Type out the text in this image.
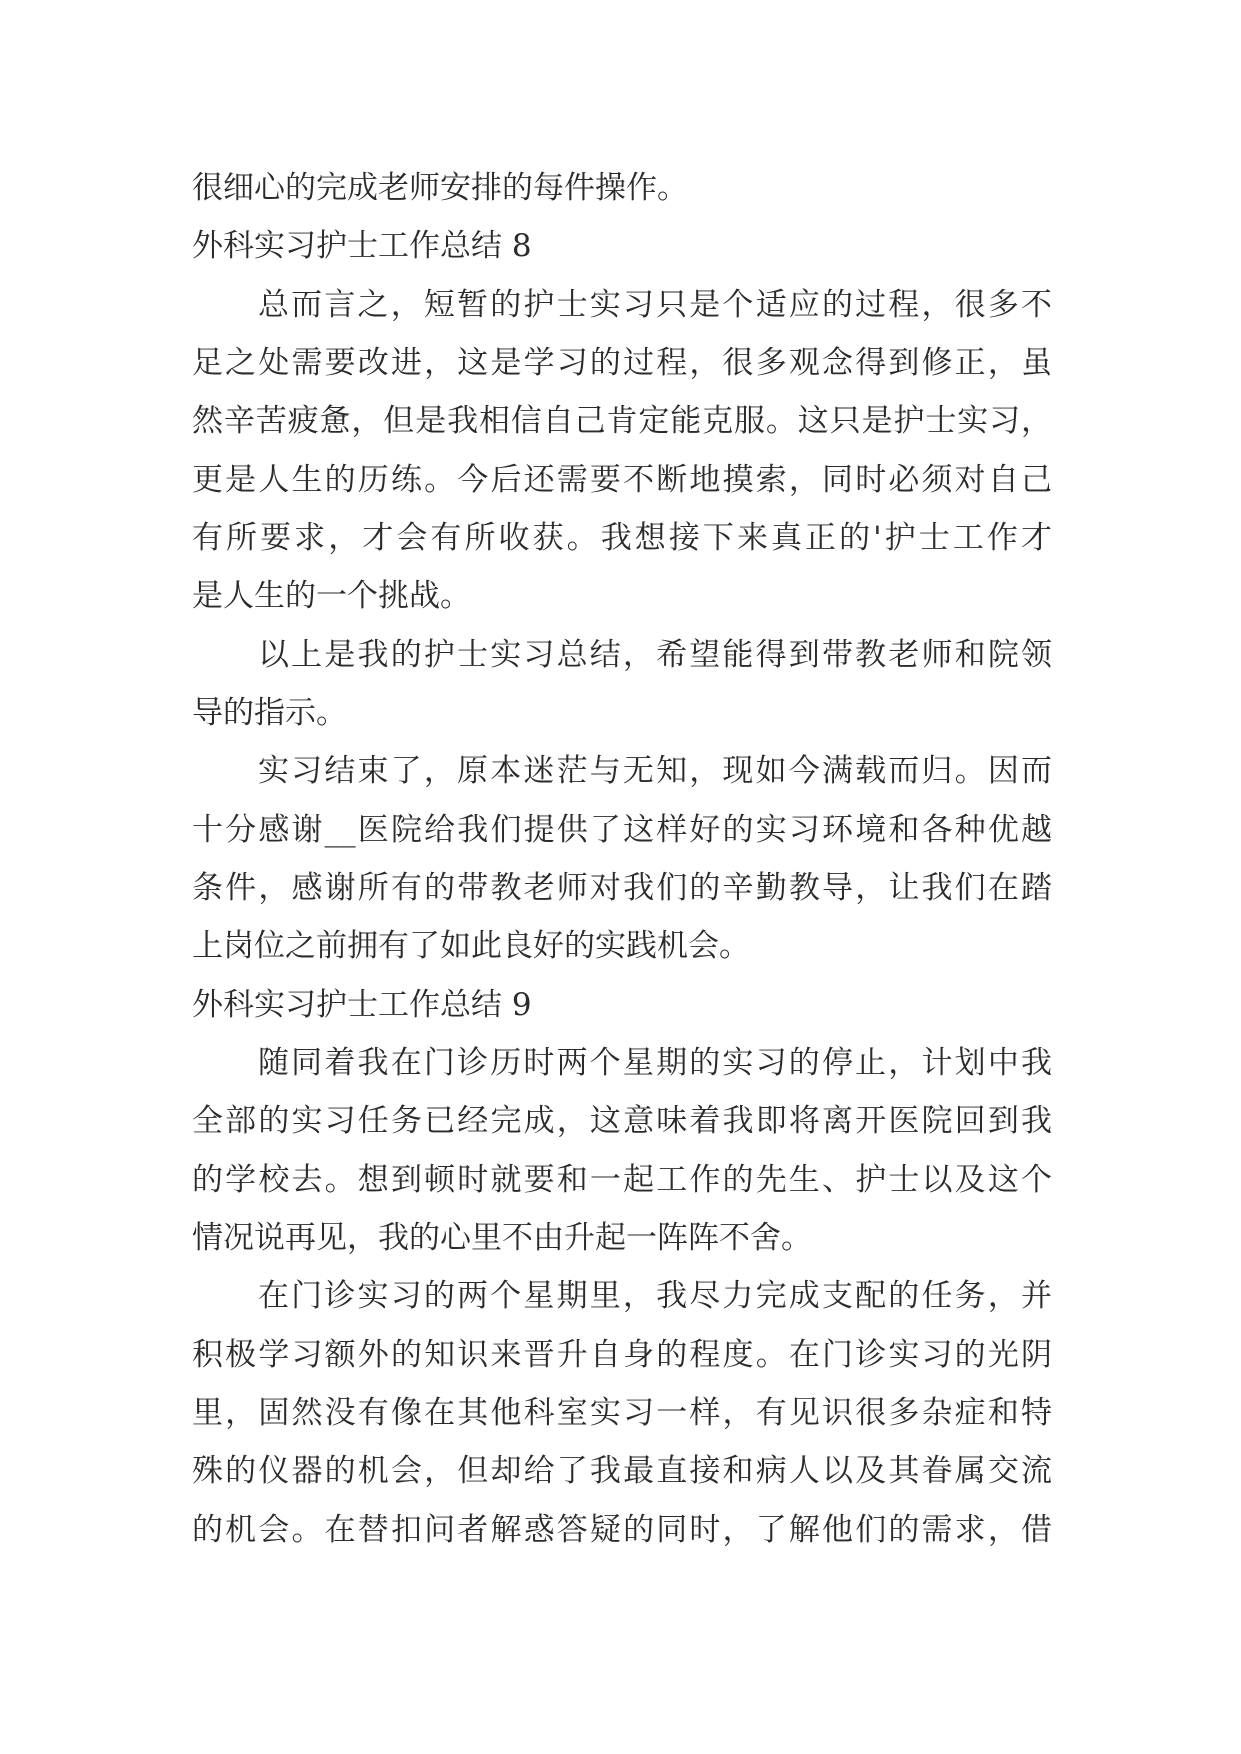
很细心的完成老师安排的每件操作。
外科实习护士工作总结 8
总而言之，短暂的护士实习只是个适应的过程，很多不
足之处需要改进，这是学习的过程，很多观念得到修正，虽
然辛苦疲惫，但是我相信自己肯定能克服。这只是护士实习，
更是人生的历练。今后还需要不断地摸索，同时必须对自己
有所要求，才会有所收获。我想接下来真正的'护士工作才
是人生的一个挑战。
以上是我的护士实习总结，希望能得到带教老师和院领
导的指示。
实习结束了，原本迷茫与无知，现如今满载而归。因而
十分感谢__医院给我们提供了这样好的实习环境和各种优越
条件，感谢所有的带教老师对我们的辛勤教导，让我们在踏
上岗位之前拥有了如此良好的实践机会。
外科实习护士工作总结 9
随同着我在门诊历时两个星期的实习的停止，计划中我
全部的实习任务已经完成，这意味着我即将离开医院回到我
的学校去。想到顿时就要和一起工作的先生、护士以及这个
情况说再见，我的心里不由升起一阵阵不舍。
在门诊实习的两个星期里，我尽力完成支配的任务，并
积极学习额外的知识来晋升自身的程度。在门诊实习的光阴
里，固然没有像在其他科室实习一样，有见识很多杂症和特
殊的仪器的机会，但却给了我最直接和病人以及其眷属交流
的机会。在替扣问者解惑答疑的同时，了解他们的需求，借
